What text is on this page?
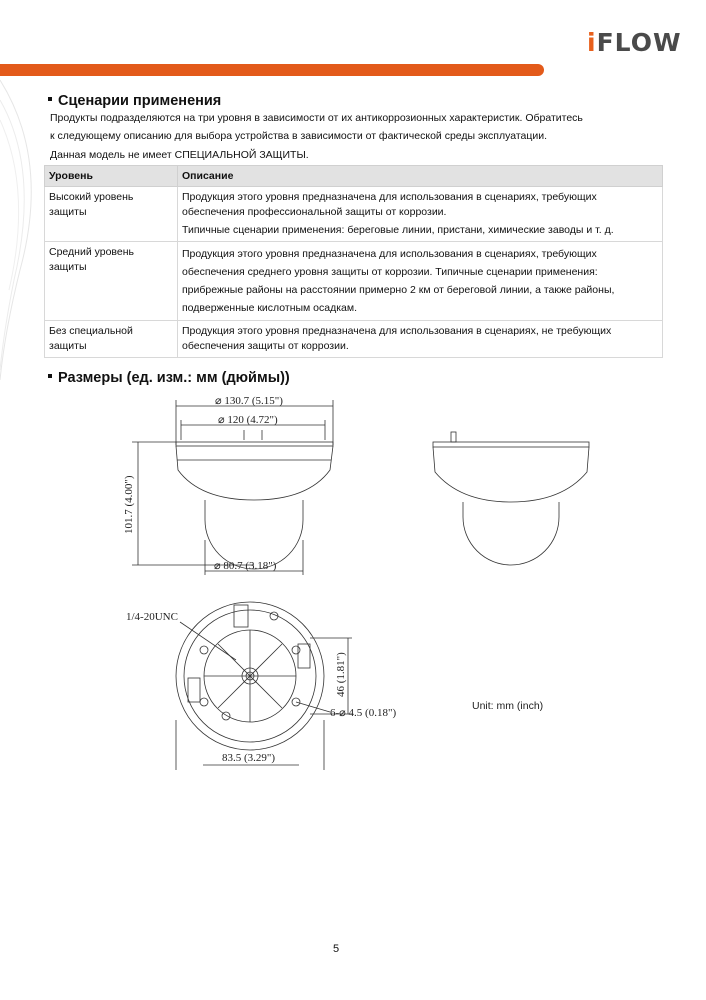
iFLOW
Сценарии применения
Продукты подразделяются на три уровня в зависимости от их антикоррозионных характеристик. Обратитесь
к следующему описанию для выбора устройства в зависимости от фактической среды эксплуатации.
Данная модель не имеет СПЕЦИАЛЬНОЙ ЗАЩИТЫ.
Уровень	Описание
Высокий уровень защиты	Продукция этого уровня предназначена для использования в сценариях, требующих обеспечения профессиональной защиты от коррозии.

Типичные сценарии применения: береговые линии, пристани, химические заводы и т. д.

Средний уровень защиты	Продукция этого уровня предназначена для использования в сценариях, требующих

обеспечения среднего уровня защиты от коррозии. Типичные сценарии применения:

прибрежные районы на расстоянии примерно 2 км от береговой линии, а также районы,

подверженные кислотным осадкам.

Без специальной защиты	Продукция этого уровня предназначена для использования в сценариях, не требующих обеспечения защиты от коррозии.

Размеры (ед. изм.: мм (дюймы))
⌀ 130.7 (5.15")
⌀ 120 (4.72")
101.7 (4.00")
⌀ 80.7 (3.18")
1/4-20UNC
46 (1.81")
6-⌀ 4.5 (0.18")
83.5 (3.29")
Unit: mm (inch)
5
